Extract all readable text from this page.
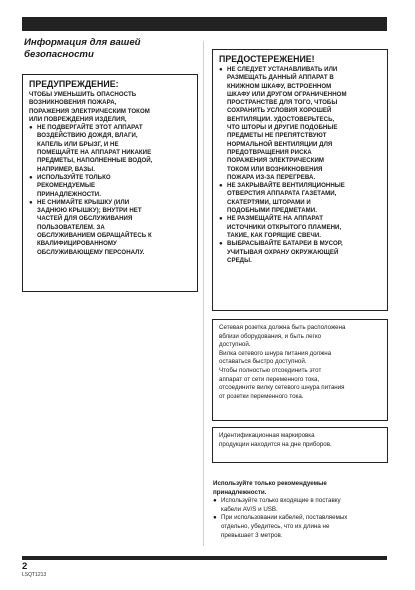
Информация для вашей
безопасности
ПРЕДУПРЕЖДЕНИЕ:
ЧТОБЫ УМЕНЬШИТЬ ОПАСНОСТЬ
ВОЗНИКНОВЕНИЯ ПОЖАРА,
ПОРАЖЕНИЯ ЭЛЕКТРИЧЕСКИМ ТОКОМ
ИЛИ ПОВРЕЖДЕНИЯ ИЗДЕЛИЯ,
● НЕ ПОДВЕРГАЙТЕ ЭТОТ АППАРАТ
ВОЗДЕЙСТВИЮ ДОЖДЯ, ВЛАГИ,
КАПЕЛЬ ИЛИ БРЫЗГ, И НЕ
ПОМЕЩАЙТЕ НА АППАРАТ НИКАКИЕ
ПРЕДМЕТЫ, НАПОЛНЕННЫЕ ВОДОЙ,
НАПРИМЕР, ВАЗЫ.
● ИСПОЛЬЗУЙТЕ ТОЛЬКО
РЕКОМЕНДУЕМЫЕ
ПРИНАДЛЕЖНОСТИ.
● НЕ СНИМАЙТЕ КРЫШКУ (ИЛИ
ЗАДНЮЮ КРЫШКУ); ВНУТРИ НЕТ
ЧАСТЕЙ ДЛЯ ОБСЛУЖИВАНИЯ
ПОЛЬЗОВАТЕЛЕМ. ЗА
ОБСЛУЖИВАНИЕМ ОБРАЩАЙТЕСЬ К
КВАЛИФИЦИРОВАННОМУ
ОБСЛУЖИВАЮЩЕМУ ПЕРСОНАЛУ.
ПРЕДОСТЕРЕЖЕНИЕ!
● НЕ СЛЕДУЕТ УСТАНАВЛИВАТЬ ИЛИ
РАЗМЕЩАТЬ ДАННЫЙ АППАРАТ В
КНИЖНОМ ШКАФУ, ВСТРОЕННОМ
ШКАФУ ИЛИ ДРУГОМ ОГРАНИЧЕННОМ
ПРОСТРАНСТВЕ ДЛЯ ТОГО, ЧТОБЫ
СОХРАНИТЬ УСЛОВИЯ ХОРОШЕЙ
ВЕНТИЛЯЦИИ. УДОСТОВЕРЬТЕСЬ,
ЧТО ШТОРЫ И ДРУГИЕ ПОДОБНЫЕ
ПРЕДМЕТЫ НЕ ПРЕПЯТСТВУЮТ
НОРМАЛЬНОЙ ВЕНТИЛЯЦИИ ДЛЯ
ПРЕДОТВРАЩЕНИЯ РИСКА
ПОРАЖЕНИЯ ЭЛЕКТРИЧЕСКИМ
ТОКОМ ИЛИ ВОЗНИКНОВЕНИЯ
ПОЖАРА ИЗ-ЗА ПЕРЕГРЕВА.
● НЕ ЗАКРЫВАЙТЕ ВЕНТИЛЯЦИОННЫЕ
ОТВЕРСТИЯ АППАРАТА ГАЗЕТАМИ,
СКАТЕРТЯМИ, ШТОРАМИ И
ПОДОБНЫМИ ПРЕДМЕТАМИ.
● НЕ РАЗМЕЩАЙТЕ НА АППАРАТ
ИСТОЧНИКИ ОТКРЫТОГО ПЛАМЕНИ,
ТАКИЕ, КАК ГОРЯЩИЕ СВЕЧИ.
● ВЫБРАСЫВАЙТЕ БАТАРЕИ В МУСОР,
УЧИТЫВАЯ ОХРАНУ ОКРУЖАЮЩЕЙ
СРЕДЫ.
Сетевая розетка должна быть расположена
вблизи оборудования, и быть легко
доступной.
Вилка сетевого шнура питания должна
оставаться быстро доступной.
Чтобы полностью отсоединить этот
аппарат от сети переменного тока,
отсоедините вилку сетевого шнура питания
от розетки переменного тока.
Идентификационная маркировка
продукции находится на дне приборов.
Используйте только рекомендуемые
принадлежности.
● Используйте только входящие в поставку
кабели AV/S и USB.
● При использовании кабелей, поставляемых
отдельно, убедитесь, что их длина не
превышает 3 метров.
2
LSQT1213
